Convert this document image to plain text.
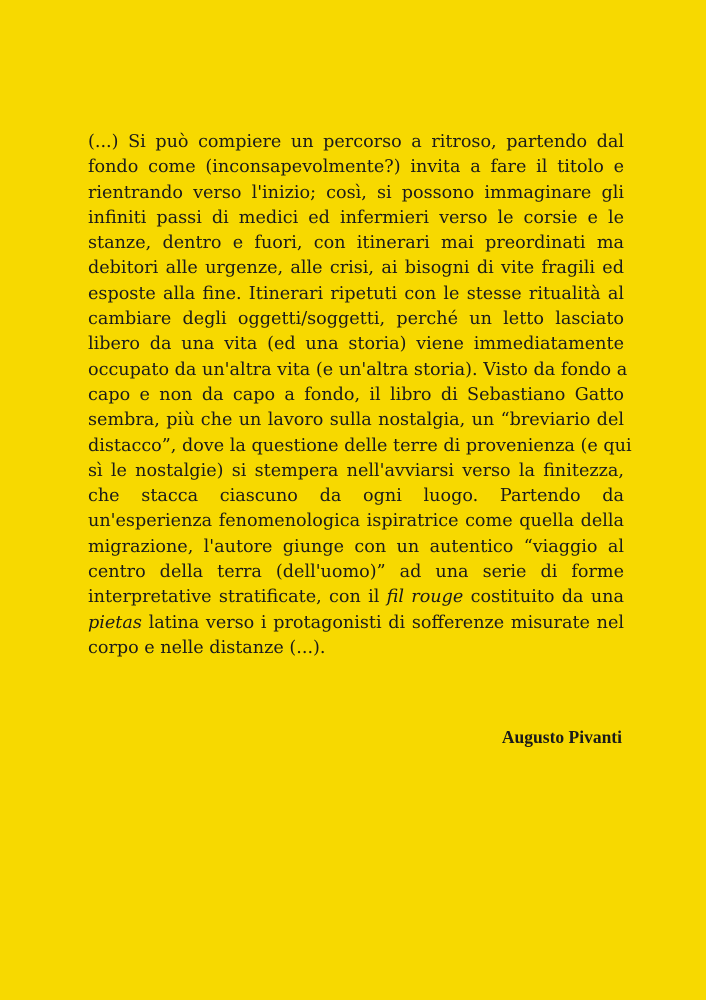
(...) Si può compiere un percorso a ritroso, partendo dal
fondo come (inconsapevolmente?) invita a fare il titolo e
rientrando verso l'inizio; così, si possono immaginare gli
infiniti passi di medici ed infermieri verso le corsie e le
stanze, dentro e fuori, con itinerari mai preordinati ma
debitori alle urgenze, alle crisi, ai bisogni di vite fragili ed
esposte alla fine. Itinerari ripetuti con le stesse ritualità al
cambiare degli oggetti/soggetti, perché un letto lasciato
libero da una vita (ed una storia) viene immediatamente
occupato da un'altra vita (e un'altra storia). Visto da fondo a
capo e non da capo a fondo, il libro di Sebastiano Gatto
sembra, più che un lavoro sulla nostalgia, un “breviario del
distacco”, dove la questione delle terre di provenienza (e qui
sì le nostalgie) si stempera nell'avviarsi verso la finitezza,
che stacca ciascuno da ogni luogo. Partendo da
un'esperienza fenomenologica ispiratrice come quella della
migrazione, l'autore giunge con un autentico “viaggio al
centro della terra (dell'uomo)” ad una serie di forme
interpretative stratificate, con il fil rouge costituito da una
pietas latina verso i protagonisti di sofferenze misurate nel
corpo e nelle distanze (...).

Augusto Pivanti
